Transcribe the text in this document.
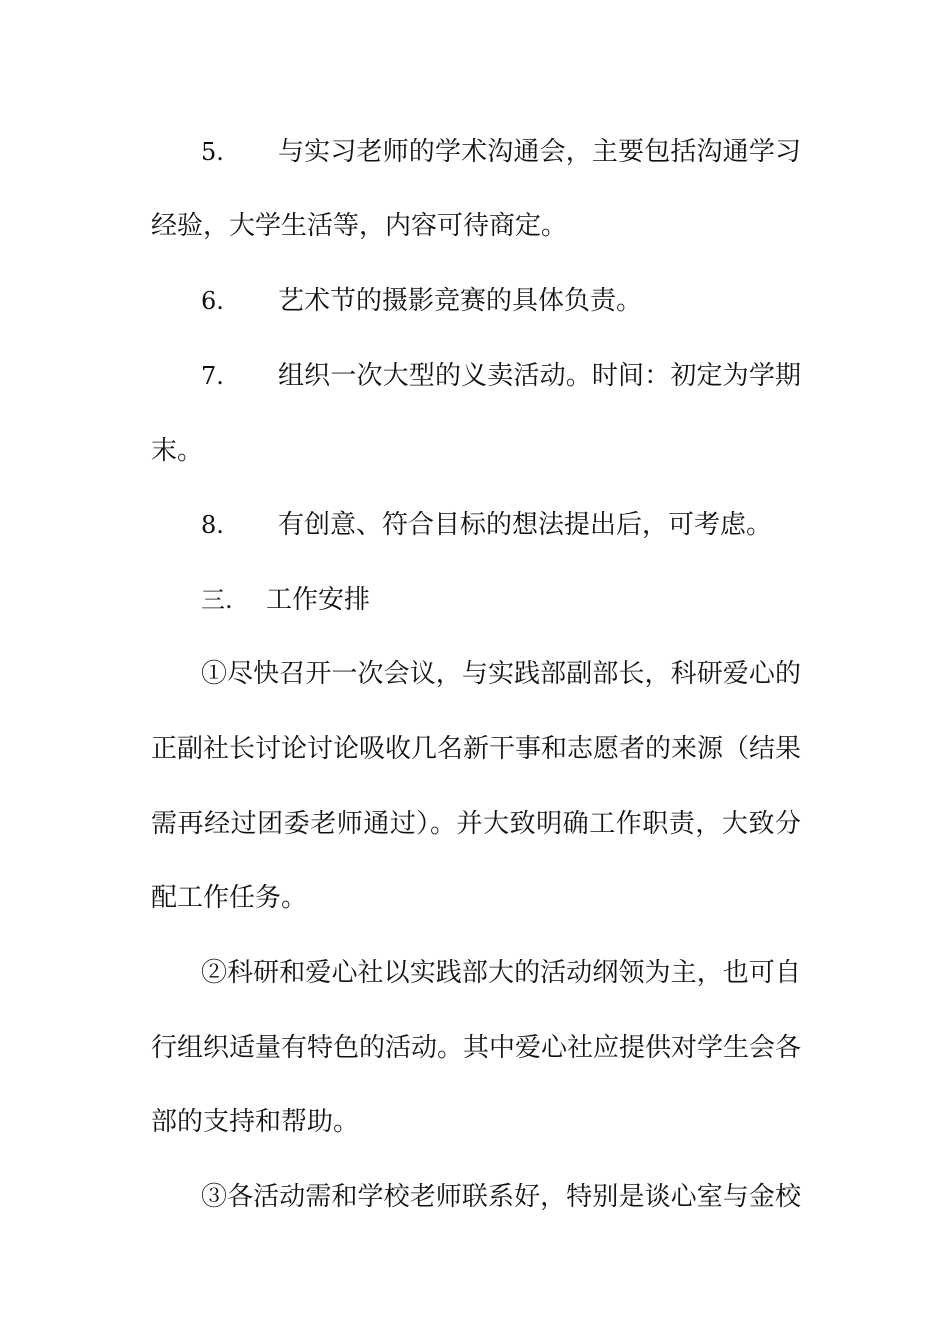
5. 与实习老师的学术沟通会，主要包括沟通学习
经验，大学生活等，内容可待商定。
6. 艺术节的摄影竞赛的具体负责。
7. 组织一次大型的义卖活动。时间：初定为学期
末。
8. 有创意、符合目标的想法提出后，可考虑。
三. 工作安排
①尽快召开一次会议，与实践部副部长，科研爱心的
正副社长讨论讨论吸收几名新干事和志愿者的来源（结果
需再经过团委老师通过）。并大致明确工作职责，大致分
配工作任务。
②科研和爱心社以实践部大的活动纲领为主，也可自
行组织适量有特色的活动。其中爱心社应提供对学生会各
部的支持和帮助。
③各活动需和学校老师联系好，特别是谈心室与金校
